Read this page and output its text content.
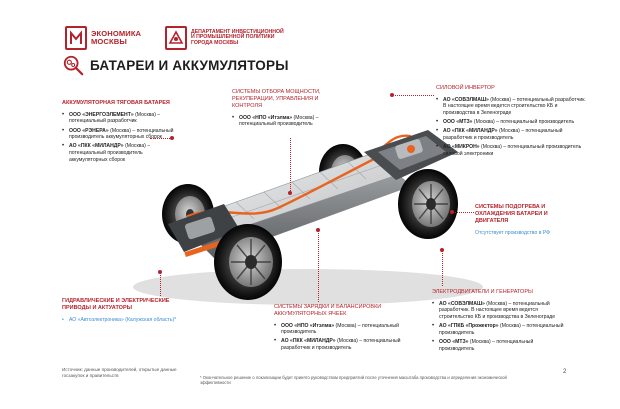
ЭКОНОМИКА
МОСКВЫ
ДЕПАРТАМЕНТ ИНВЕСТИЦИОННОЙ
И ПРОМЫШЛЕННОЙ ПОЛИТИКИ
ГОРОДА МОСКВЫ
БАТАРЕИ И АККУМУЛЯТОРЫ
АККУМУЛЯТОРНАЯ ТЯГОВАЯ БАТАРЕЯ
• ООО «ЭНЕРГОЭЛЕМЕНТ» (Москва) – потенциальный разработчик
• ООО «РЭНЕРА» (Москва) – потенциальный производитель аккумуляторных сборок
• АО «ПКК «МИЛАНДР» (Москва) – потенциальный производитель аккумуляторных сборок
СИСТЕМЫ ОТБОРА МОЩНОСТИ,
РЕКУПЕРАЦИИ, УПРАВЛЕНИЯ И
КОНТРОЛЯ
• ООО «НПО «Итэлма» (Москва) – потенциальный производитель
СИЛОВОЙ ИНВЕРТОР
• АО «СОВЭЛМАШ» (Москва) – потенциальный разработчик. В настоящее время ведется строительство КБ и производства в Зеленограде
• ООО «МТЗ» (Москва) – потенциальный производитель
• АО «ПКК «МИЛАНДР» (Москва) – потенциальный разработчик и производитель
• АО «МИКРОН» (Москва) – потенциальный производитель силовой электроники
СИСТЕМЫ ПОДОГРЕВА И
ОХЛАЖДЕНИЯ БАТАРЕИ И
ДВИГАТЕЛЯ
Отсутствует производство в РФ
ГИДРАВЛИЧЕСКИЕ И ЭЛЕКТРИЧЕСКИЕ
ПРИВОДЫ И АКТУАТОРЫ
• АО «Автоэлектроника» (Калужская область)*
СИСТЕМЫ ЗАРЯДКИ И БАЛАНСИРОВКИ
АККУМУЛЯТОРНЫХ ЯЧЕЕК
• ООО «НПО «Итэлма» (Москва) – потенциальный производитель
• АО «ПКК «МИЛАНДР» (Москва) – потенциальный разработчик и производитель
ЭЛЕКТРОДВИГАТЕЛИ И ГЕНЕРАТОРЫ
• АО «СОВЭЛМАШ» (Москва) – потенциальный разработчик. В настоящее время ведется строительство КБ и производства в Зеленограде
• АО «ГПКБ «Прожектор» (Москва) – потенциальный производитель
• ООО «МТЗ» (Москва) – потенциальный производитель
Источник: данные производителей, открытые данные госзакупок и правительств	* Окончательное решение о локализации будет принято руководством предприятий после уточнения масштаба производства и определения экономической эффективности
2
